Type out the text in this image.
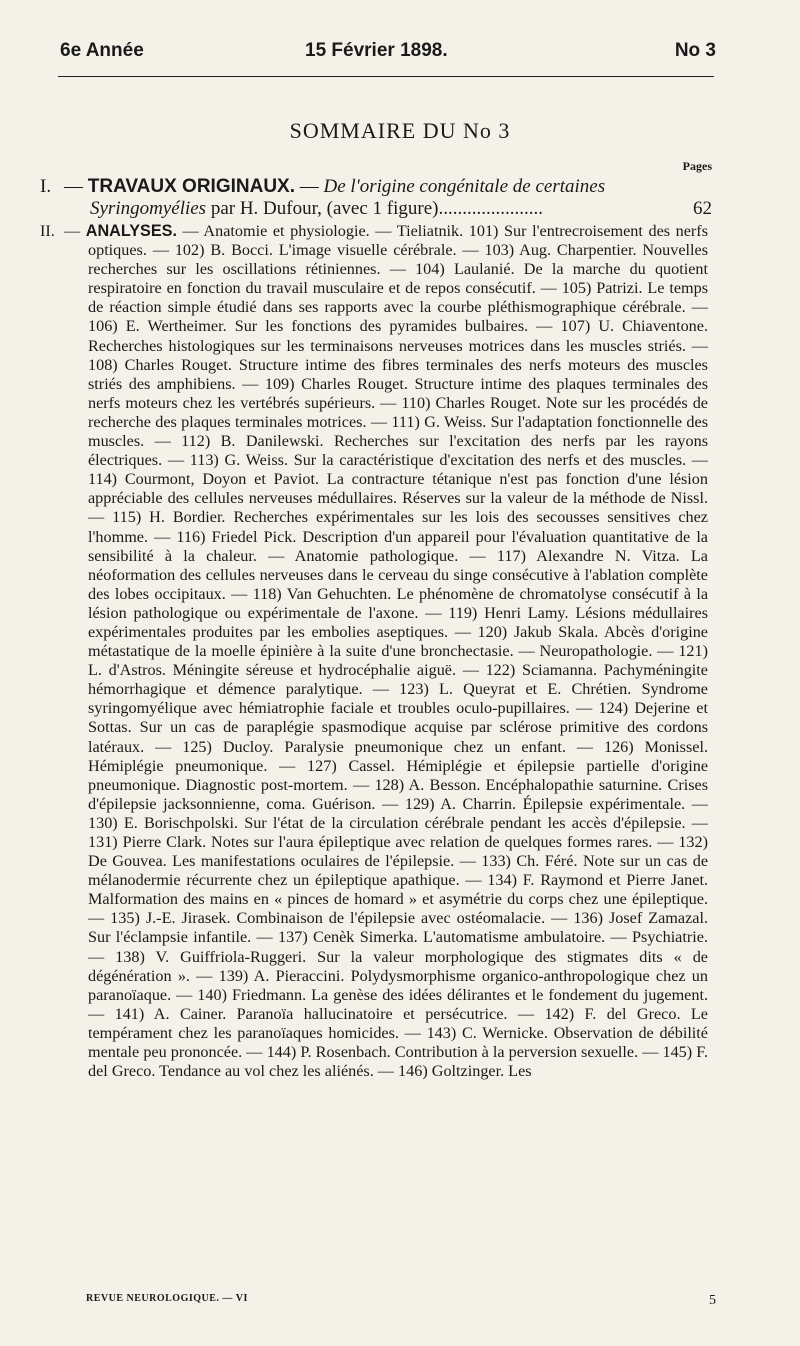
6e Année	15 Février 1898.	No 3
SOMMAIRE DU No 3
Pages
I. — TRAVAUX ORIGINAUX. — De l'origine congénitale de certaines
Syringomyélies par H. Dufour, (avec 1 figure)......................	62
II. — ANALYSES. — Anatomie et physiologie. — Tieliatnik. 101) Sur l'entrecroisement des nerfs optiques. — 102) B. Bocci. L'image visuelle cérébrale. — 103) Aug. Charpentier. Nouvelles recherches sur les oscillations rétiniennes. — 104) Laulanié. De la marche du quotient respiratoire en fonction du travail musculaire et de repos consécutif. — 105) Patrizi. Le temps de réaction simple étudié dans ses rapports avec la courbe pléthismographique cérébrale. — 106) E. Wertheimer. Sur les fonctions des pyramides bulbaires. — 107) U. Chiaventone. Recherches histologiques sur les terminaisons nerveuses motrices dans les muscles striés. — 108) Charles Rouget. Structure intime des fibres terminales des nerfs moteurs des muscles striés des amphibiens. — 109) Charles Rouget. Structure intime des plaques terminales des nerfs moteurs chez les vertébrés supérieurs. — 110) Charles Rouget. Note sur les procédés de recherche des plaques terminales motrices. — 111) G. Weiss. Sur l'adaptation fonctionnelle des muscles. — 112) B. Danilewski. Recherches sur l'excitation des nerfs par les rayons électriques. — 113) G. Weiss. Sur la caractéristique d'excitation des nerfs et des muscles. — 114) Courmont, Doyon et Paviot. La contracture tétanique n'est pas fonction d'une lésion appréciable des cellules nerveuses médullaires. Réserves sur la valeur de la méthode de Nissl. — 115) H. Bordier. Recherches expérimentales sur les lois des secousses sensitives chez l'homme. — 116) Friedel Pick. Description d'un appareil pour l'évaluation quantitative de la sensibilité à la chaleur. — Anatomie pathologique. — 117) Alexandre N. Vitza. La néoformation des cellules nerveuses dans le cerveau du singe consécutive à l'ablation complète des lobes occipitaux. — 118) Van Gehuchten. Le phénomène de chromatolyse consécutif à la lésion pathologique ou expérimentale de l'axone. — 119) Henri Lamy. Lésions médullaires expérimentales produites par les embolies aseptiques. — 120) Jakub Skala. Abcès d'origine métastatique de la moelle épinière à la suite d'une bronchectasie. — Neuropathologie. — 121) L. d'Astros. Méningite séreuse et hydrocéphalie aiguë. — 122) Sciamanna. Pachyméningite hémorrhagique et démence paralytique. — 123) L. Queyrat et E. Chrétien. Syndrome syringomyélique avec hémiatrophie faciale et troubles oculo-pupillaires. — 124) Dejerine et Sottas. Sur un cas de paraplégie spasmodique acquise par sclérose primitive des cordons latéraux. — 125) Ducloy. Paralysie pneumonique chez un enfant. — 126) Monissel. Hémiplégie pneumonique. — 127) Cassel. Hémiplégie et épilepsie partielle d'origine pneumonique. Diagnostic post-mortem. — 128) A. Besson. Encéphalopathie saturnine. Crises d'épilepsie jacksonnienne, coma. Guérison. — 129) A. Charrin. Épilepsie expérimentale. — 130) E. Borischpolski. Sur l'état de la circulation cérébrale pendant les accès d'épilepsie. — 131) Pierre Clark. Notes sur l'aura épileptique avec relation de quelques formes rares. — 132) De Gouvea. Les manifestations oculaires de l'épilepsie. — 133) Ch. Féré. Note sur un cas de mélanodermie récurrente chez un épileptique apathique. — 134) F. Raymond et Pierre Janet. Malformation des mains en « pinces de homard » et asymétrie du corps chez une épileptique. — 135) J.-E. Jirasek. Combinaison de l'épilepsie avec ostéomalacie. — 136) Josef Zamazal. Sur l'éclampsie infantile. — 137) Cenèk Simerka. L'automatisme ambulatoire. — Psychiatrie. — 138) V. Guiffriola-Ruggeri. Sur la valeur morphologique des stigmates dits « de dégénération ». — 139) A. Pieraccini. Polydysmorphisme organico-anthropologique chez un paranoïaque. — 140) Friedmann. La genèse des idées délirantes et le fondement du jugement. — 141) A. Cainer. Paranoïa hallucinatoire et persécutrice. — 142) F. del Greco. Le tempérament chez les paranoïaques homicides. — 143) C. Wernicke. Observation de débilité mentale peu prononcée. — 144) P. Rosenbach. Contribution à la perversion sexuelle. — 145) F. del Greco. Tendance au vol chez les aliénés. — 146) Goltzinger. Les
REVUE NEUROLOGIQUE. — VI	5
